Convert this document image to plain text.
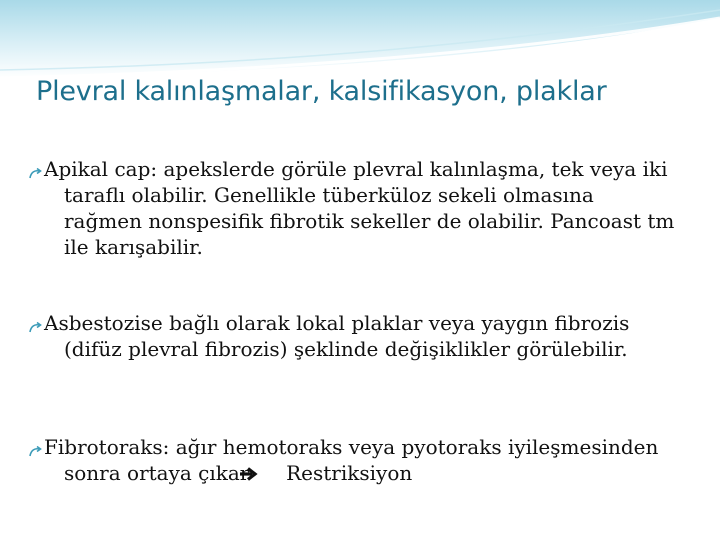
Plevral kalınlaşmalar, kalsifikasyon, plaklar
Apikal cap: apekslerde görüle plevral kalınlaşma, tek veya iki taraflı olabilir. Genellikle tüberküloz sekeli olmasına rağmen nonspesifik fibrotik sekeller de olabilir. Pancoast tm ile karışabilir.
Asbestozise bağlı olarak lokal plaklar veya yaygın fibrozis (difüz plevral fibrozis) şeklinde değişiklikler görülebilir.
Fibrotoraks: ağır hemotoraks veya pyotoraks iyileşmesinden sonra ortaya çıkar Restriksiyon
